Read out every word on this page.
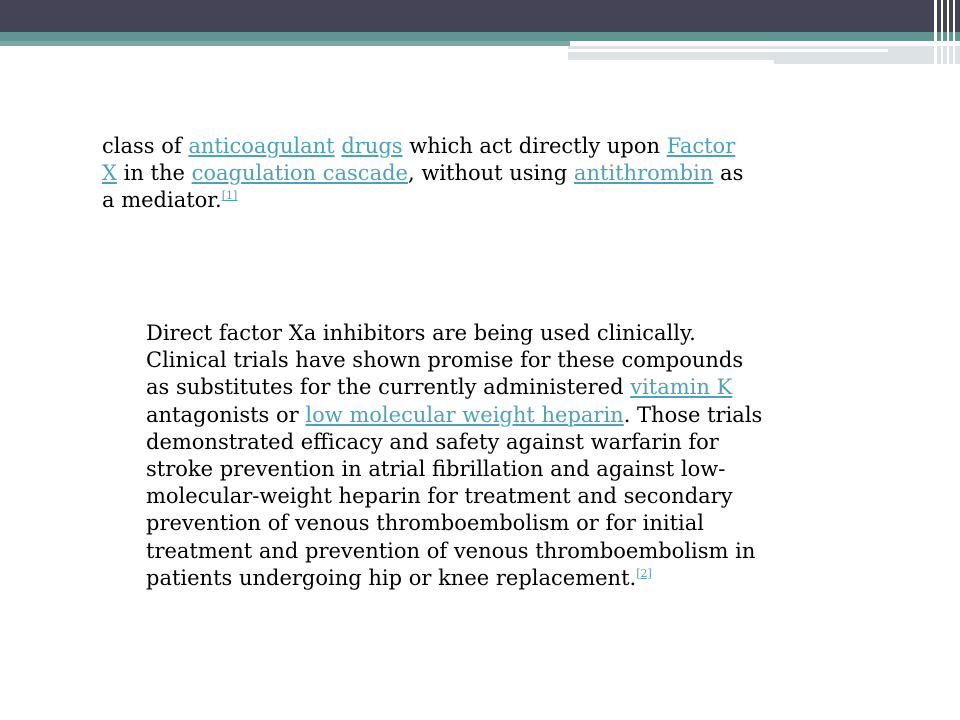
class of anticoagulant drugs which act directly upon Factor X in the coagulation cascade, without using antithrombin as a mediator.[1]

Direct factor Xa inhibitors are being used clinically. Clinical trials have shown promise for these compounds as substitutes for the currently administered vitamin K antagonists or low molecular weight heparin. Those trials demonstrated efficacy and safety against warfarin for stroke prevention in atrial fibrillation and against low-molecular-weight heparin for treatment and secondary prevention of venous thromboembolism or for initial treatment and prevention of venous thromboembolism in patients undergoing hip or knee replacement.[2]
